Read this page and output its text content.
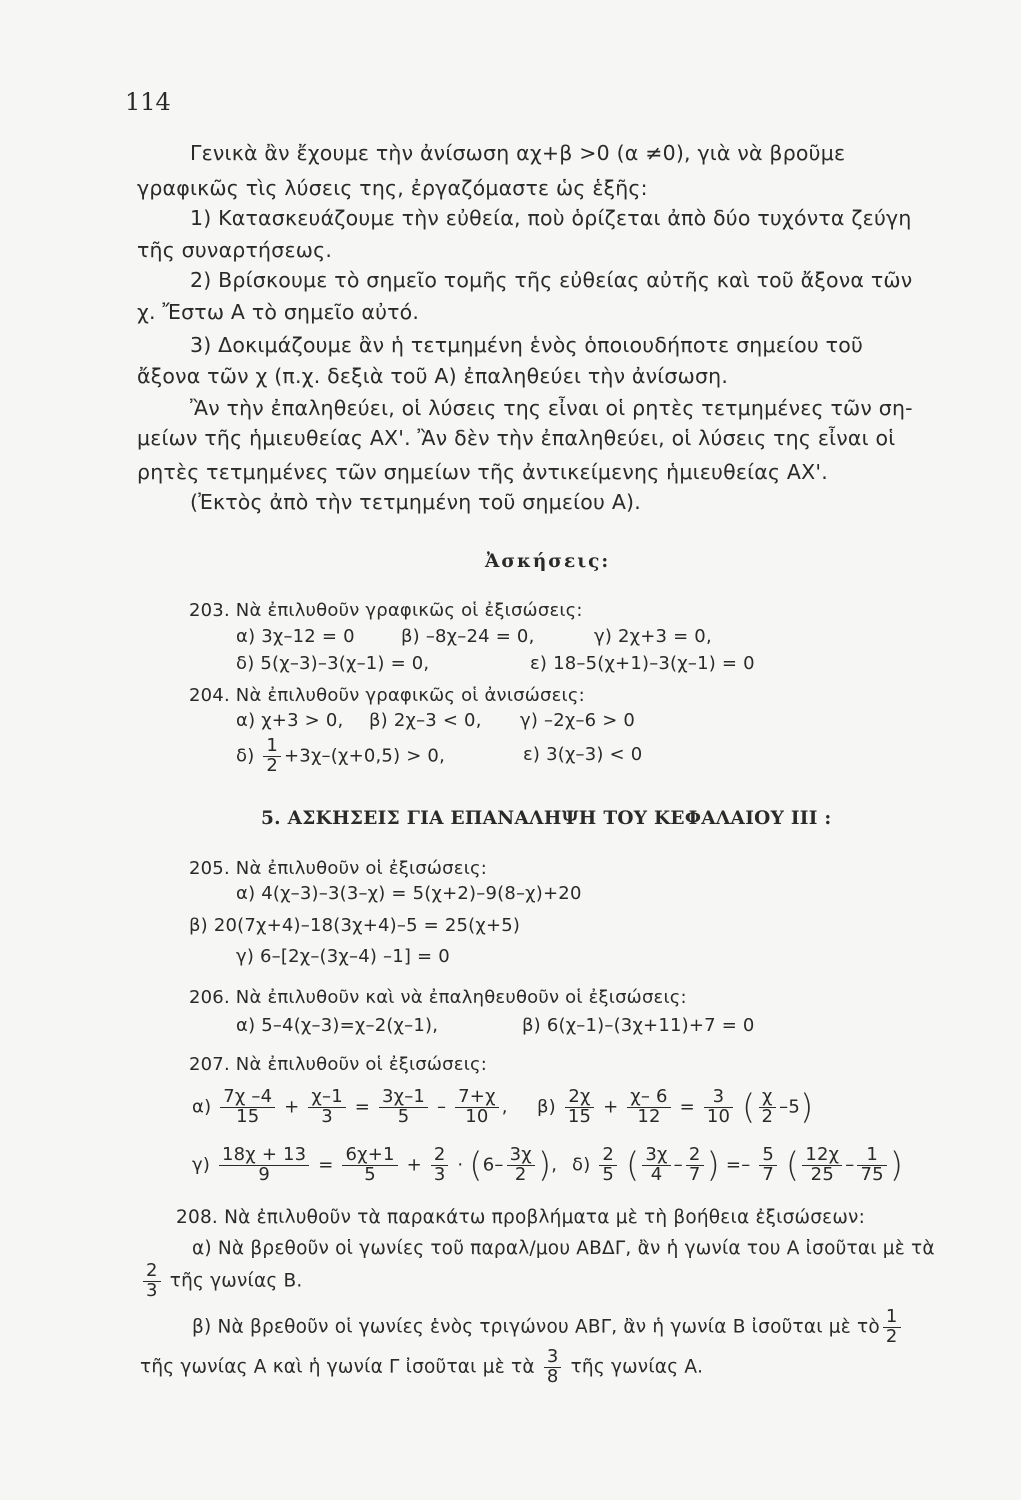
114
Γενικὰ ἂν ἔχουμε τὴν ἀνίσωση αχ+β >0 (α ≠0), γιὰ νὰ βροῦμε
γραφικῶς τὶς λύσεις της, ἐργαζόμαστε ὡς ἑξῆς:
1) Κατασκευάζουμε τὴν εὐθεία, ποὺ ὁρίζεται ἀπὸ δύο τυχόντα ζεύγη
τῆς συναρτήσεως.
2) Βρίσκουμε τὸ σημεῖο τομῆς τῆς εὐθείας αὐτῆς καὶ τοῦ ἄξονα τῶν
χ. Ἔστω Α τὸ σημεῖο αὐτό.
3) Δοκιμάζουμε ἂν ἡ τετμημένη ἑνὸς ὁποιουδήποτε σημείου τοῦ
ἄξονα τῶν χ (π.χ. δεξιὰ τοῦ Α) ἐπαληθεύει τὴν ἀνίσωση.
Ἂν τὴν ἐπαληθεύει, οἱ λύσεις της εἶναι οἱ ρητὲς τετμημένες τῶν ση-
μείων τῆς ἡμιευθείας ΑΧ'. Ἂν δὲν τὴν ἐπαληθεύει, οἱ λύσεις της εἶναι οἱ
ρητὲς τετμημένες τῶν σημείων τῆς ἀντικείμενης ἡμιευθείας ΑΧ'.
(Ἐκτὸς ἀπὸ τὴν τετμημένη τοῦ σημείου Α).
Ἀσκήσεις:
203. Νὰ ἐπιλυθοῦν γραφικῶς οἱ ἐξισώσεις:
α) 3χ–12 = 0	β) –8χ–24 = 0,	γ) 2χ+3 = 0,
δ) 5(χ–3)–3(χ–1) = 0,	ε) 18–5(χ+1)–3(χ–1) = 0
204. Νὰ ἐπιλυθοῦν γραφικῶς οἱ ἀνισώσεις:
α) χ+3 > 0, β) 2χ–3 < 0, γ) –2χ–6 > 0
$\delta) \frac{1}{2} +3\chi-(\chi+0,5) > 0$,	ε) 3(χ–3) < 0
5. ΑΣΚΗΣΕΙΣ ΓΙΑ ΕΠΑΝΑΛΗΨΗ ΤΟΥ ΚΕΦΑΛΑΙΟΥ ΙΙΙ :
205. Νὰ ἐπιλυθοῦν οἱ ἐξισώσεις:
α) 4(χ–3)–3(3–χ) = 5(χ+2)–9(8–χ)+20
β) 20(7χ+4)–18(3χ+4)–5 = 25(χ+5)
γ) 6–[2χ–(3χ–4) –1] = 0
206. Νὰ ἐπιλυθοῦν καὶ νὰ ἐπαληθευθοῦν οἱ ἐξισώσεις:
α) 5–4(χ–3)=χ–2(χ–1),	β) 6(χ–1)–(3χ+11)+7 = 0
207. Νὰ ἐπιλυθοῦν οἱ ἐξισώσεις:
$\alpha) \frac{7\chi -4}{15} + \frac{\chi-1}{3} = \frac{3\chi-1}{5} - \frac{7+\chi}{10}$ , $\beta) \frac{2\chi}{15} + \frac{\chi- 6}{12} = \frac{3}{10}$ ( $\frac{\chi}{2} -5$)
$\gamma) \frac{18\chi + 13}{9} = \frac{6\chi+1}{5} + \frac{2}{3} \cdot (6- \frac{3\chi}{2}$ ), $\delta) \frac{2}{5}$ ( $\frac{3\chi}{4} - \frac{2}{7}$ ) =– $\frac{5}{7}$ ( $\frac{12\chi}{25} - \frac{1}{75}$ )
208. Νὰ ἐπιλυθοῦν τὰ παρακάτω προβλήματα μὲ τὴ βοήθεια ἐξισώσεων:
α) Νὰ βρεθοῦν οἱ γωνίες τοῦ παραλ/μου ΑΒΔΓ, ἂν ἡ γωνία του Α ἰσοῦται μὲ τὰ
$\frac{2}{3}$ τῆς γωνίας Β.
β) Νὰ βρεθοῦν οἱ γωνίες ἑνὸς τριγώνου ΑΒΓ, ἂν ἡ γωνία Β ἰσοῦται μὲ τὸ $\frac{1}{2}$
τῆς γωνίας Α καὶ ἡ γωνία Γ ἰσοῦται μὲ τὰ $\frac{3}{8}$ τῆς γωνίας Α.
